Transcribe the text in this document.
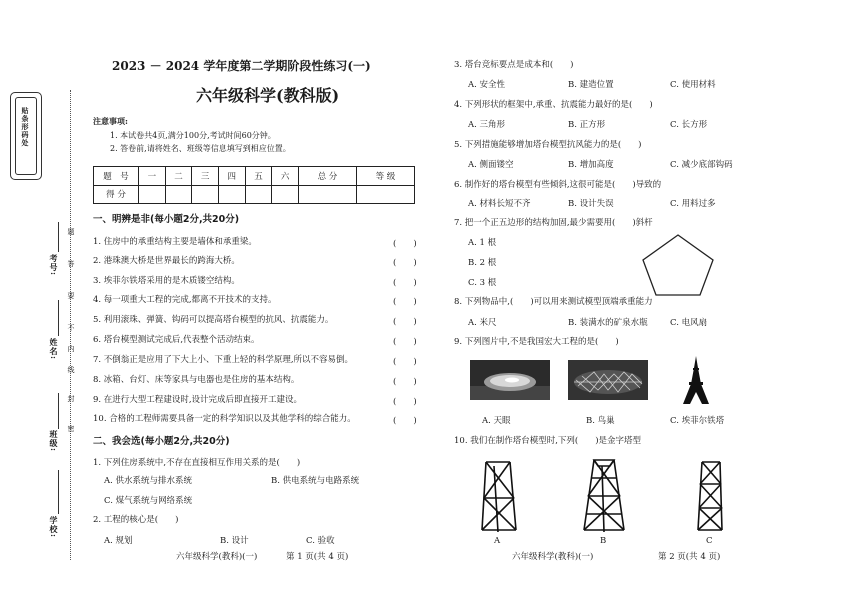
贴条形码处
题
答
要
不
内
线
封
密
考号:
姓名:
班级:
学校:
2023 － 2024 学年度第二学期阶段性练习(一)
六年级科学(教科版)
注意事项:
1. 本试卷共4页,满分100分,考试时间60分钟。
2. 答卷前,请将姓名、班级等信息填写到相应位置。
题　号	一	二	三	四	五	六	总 分	等 级
得 分								
一、明辨是非(每小题2分,共20分)
1. 住房中的承重结构主要是墙体和承重梁。	(　　)
2. 港珠澳大桥是世界最长的跨海大桥。	(　　)
3. 埃菲尔铁塔采用的是木质镂空结构。	(　　)
4. 每一项重大工程的完成,都离不开技术的支持。	(　　)
5. 利用滚珠、弹簧、钩码可以提高塔台模型的抗风、抗震能力。	(　　)
6. 塔台模型测试完成后,代表整个活动结束。	(　　)
7. 不倒翁正是应用了下大上小、下重上轻的科学原理,所以不容易倒。	(　　)
8. 冰箱、台灯、床等家具与电器也是住房的基本结构。	(　　)
9. 在进行大型工程建设时,设计完成后即直接开工建设。	(　　)
10. 合格的工程师需要具备一定的科学知识以及其他学科的综合能力。	(　　)
二、我会选(每小题2分,共20分)
1. 下列住房系统中,不存在直接相互作用关系的是(　　)
A. 供水系统与排水系统	B. 供电系统与电路系统
C. 煤气系统与网络系统
2. 工程的核心是(　　)
A. 规划	B. 设计	C. 验收
六年级科学(教科)(一)	第 1 页(共 4 页)
3. 塔台竞标要点是成本和(　　)
A. 安全性	B. 建造位置	C. 使用材料
4. 下列形状的框架中,承重、抗震能力最好的是(　　)
A. 三角形	B. 正方形	C. 长方形
5. 下列措施能够增加塔台模型抗风能力的是(　　)
A. 侧面镂空	B. 增加高度	C. 减少底部钩码
6. 制作好的塔台模型有些倾斜,这很可能是(　　)导致的
A. 材料长短不齐	B. 设计失误	C. 用料过多
7. 把一个正五边形的结构加固,最少需要用(　　)斜杆
A. 1 根
B. 2 根
C. 3 根
8. 下列物品中,(　　)可以用来测试模型顶端承重能力
A. 米尺	B. 装满水的矿泉水瓶	C. 电风扇
9. 下列图片中,不是我国宏大工程的是(　　)
A. 天眼	B. 鸟巢	C. 埃菲尔铁塔
10. 我们在制作塔台模型时,下列(　　)是金字塔型
A	B	C
六年级科学(教科)(一)	第 2 页(共 4 页)
